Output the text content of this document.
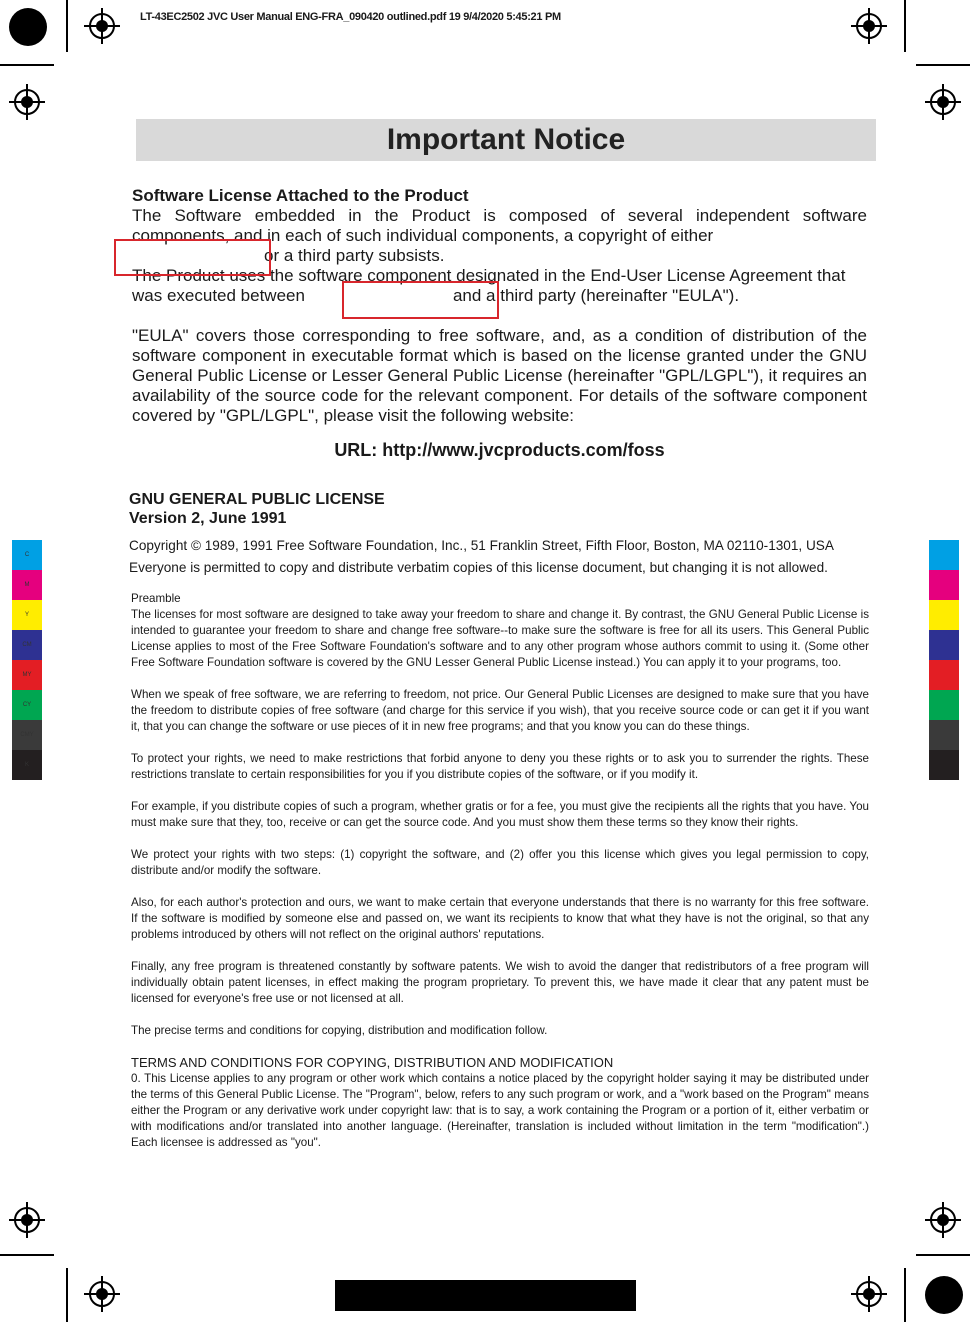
LT-43EC2502 JVC User Manual ENG-FRA_090420 outlined.pdf 19 9/4/2020 5:45:21 PM
Important Notice
Software License Attached to the Product

The Software embedded in the Product is composed of several independent software components, and in each of such individual components, a copyright of either
or a third party subsists.

The Product uses the software component designated in the End-User License Agreement that was executed between	and a third party (hereinafter "EULA").

"EULA" covers those corresponding to free software, and, as a condition of distribution of the software component in executable format which is based on the license granted under the GNU General Public License or Lesser General Public License (hereinafter "GPL/LGPL"), it requires an availability of the source code for the relevant component. For details of the software component covered by "GPL/LGPL", please visit the following website:

URL: http://www.jvcproducts.com/foss
GNU GENERAL PUBLIC LICENSE
Version 2, June 1991
Copyright © 1989, 1991 Free Software Foundation, Inc., 51 Franklin Street, Fifth Floor, Boston, MA 02110-1301, USA
Everyone is permitted to copy and distribute verbatim copies of this license document, but changing it is not allowed.

Preamble

The licenses for most software are designed to take away your freedom to share and change it. By contrast, the GNU General Public License is intended to guarantee your freedom to share and change free software--to make sure the software is free for all its users. This General Public License applies to most of the Free Software Foundation's software and to any other program whose authors commit to using it. (Some other Free Software Foundation software is covered by the GNU Lesser General Public License instead.) You can apply it to your programs, too.

When we speak of free software, we are referring to freedom, not price. Our General Public Licenses are designed to make sure that you have the freedom to distribute copies of free software (and charge for this service if you wish), that you receive source code or can get it if you want it, that you can change the software or use pieces of it in new free programs; and that you know you can do these things.

To protect your rights, we need to make restrictions that forbid anyone to deny you these rights or to ask you to surrender the rights. These restrictions translate to certain responsibilities for you if you distribute copies of the software, or if you modify it.

For example, if you distribute copies of such a program, whether gratis or for a fee, you must give the recipients all the rights that you have. You must make sure that they, too, receive or can get the source code. And you must show them these terms so they know their rights.

We protect your rights with two steps: (1) copyright the software, and (2) offer you this license which gives you legal permission to copy, distribute and/or modify the software.

Also, for each author's protection and ours, we want to make certain that everyone understands that there is no warranty for this free software. If the software is modified by someone else and passed on, we want its recipients to know that what they have is not the original, so that any problems introduced by others will not reflect on the original authors' reputations.

Finally, any free program is threatened constantly by software patents. We wish to avoid the danger that redistributors of a free program will individually obtain patent licenses, in effect making the program proprietary. To prevent this, we have made it clear that any patent must be licensed for everyone's free use or not licensed at all.

The precise terms and conditions for copying, distribution and modification follow.

TERMS AND CONDITIONS FOR COPYING, DISTRIBUTION AND MODIFICATION

0. This License applies to any program or other work which contains a notice placed by the copyright holder saying it may be distributed under the terms of this General Public License. The "Program", below, refers to any such program or work, and a "work based on the Program" means either the Program or any derivative work under copyright law: that is to say, a work containing the Program or a portion of it, either verbatim or with modifications and/or translated into another language. (Hereinafter, translation is included without limitation in the term "modification".) Each licensee is addressed as "you".

C
M
Y
CM
MY
CY
CMY
K
